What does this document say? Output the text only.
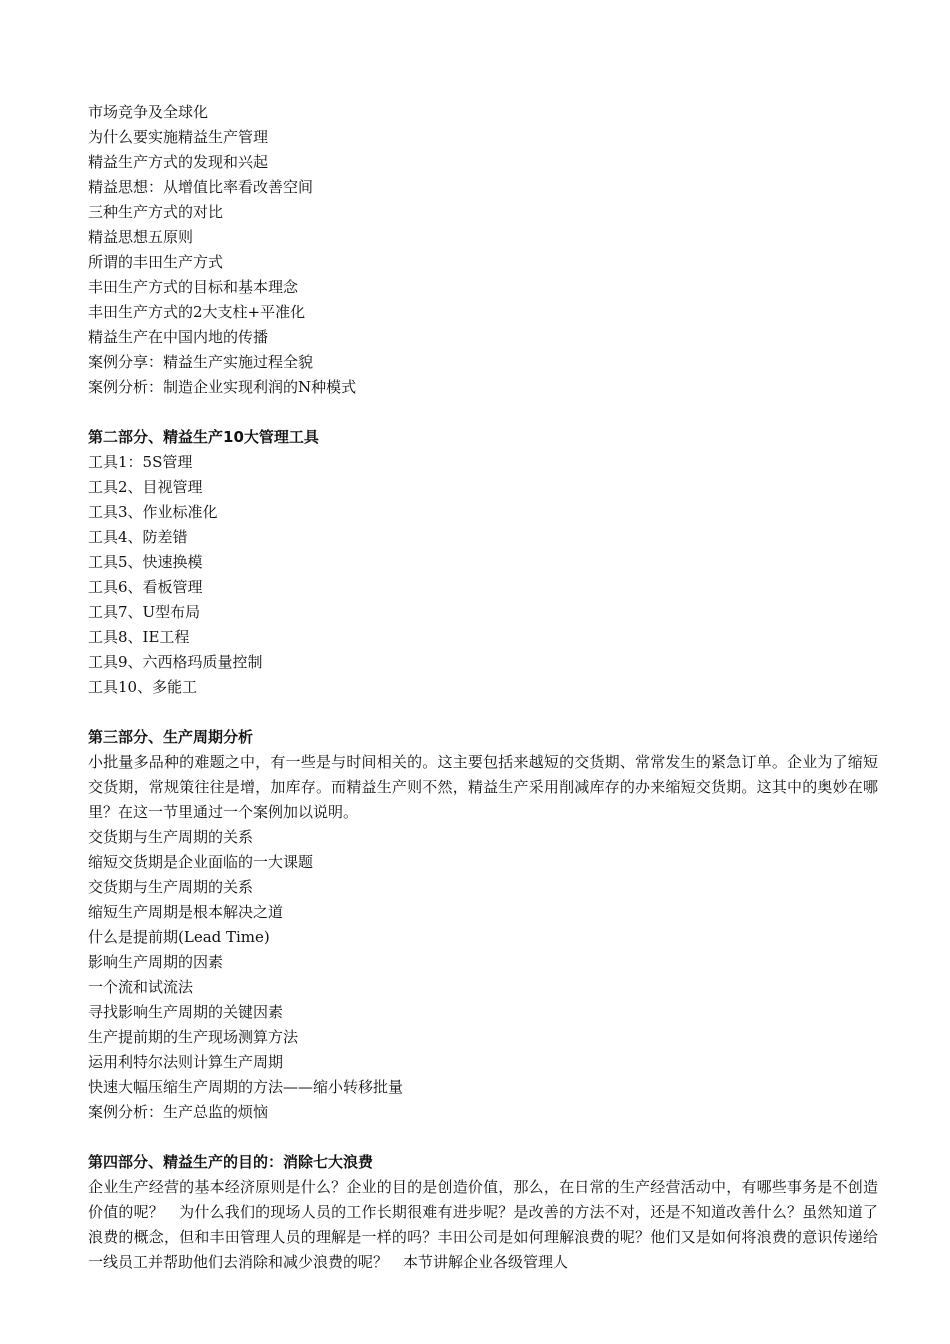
市场竞争及全球化
为什么要实施精益生产管理
精益生产方式的发现和兴起
精益思想：从增值比率看改善空间
三种生产方式的对比
精益思想五原则
所谓的丰田生产方式
丰田生产方式的目标和基本理念
丰田生产方式的2大支柱+平准化
精益生产在中国内地的传播
案例分享：精益生产实施过程全貌
案例分析：制造企业实现利润的N种模式
第二部分、精益生产10大管理工具
工具1：5S管理
工具2、目视管理
工具3、作业标准化
工具4、防差错
工具5、快速换模
工具6、看板管理
工具7、U型布局
工具8、IE工程
工具9、六西格玛质量控制
工具10、多能工
第三部分、生产周期分析
小批量多品种的难题之中，有一些是与时间相关的。这主要包括来越短的交货期、常常发生的紧急订单。企业为了缩短交货期，常规策往往是增，加库存。而精益生产则不然，精益生产采用削减库存的办来缩短交货期。这其中的奥妙在哪里？在这一节里通过一个案例加以说明。
交货期与生产周期的关系
缩短交货期是企业面临的一大课题
交货期与生产周期的关系
缩短生产周期是根本解决之道
什么是提前期(Lead Time)
影响生产周期的因素
一个流和试流法
寻找影响生产周期的关键因素
生产提前期的生产现场测算方法
运用利特尔法则计算生产周期
快速大幅压缩生产周期的方法——缩小转移批量
案例分析：生产总监的烦恼
第四部分、精益生产的目的：消除七大浪费
企业生产经营的基本经济原则是什么？企业的目的是创造价值，那么，在日常的生产经营活动中，有哪些事务是不创造价值的呢？　为什么我们的现场人员的工作长期很难有进步呢？是改善的方法不对，还是不知道改善什么？虽然知道了浪费的概念，但和丰田管理人员的理解是一样的吗？丰田公司是如何理解浪费的呢？他们又是如何将浪费的意识传递给一线员工并帮助他们去消除和减少浪费的呢？　本节讲解企业各级管理人
